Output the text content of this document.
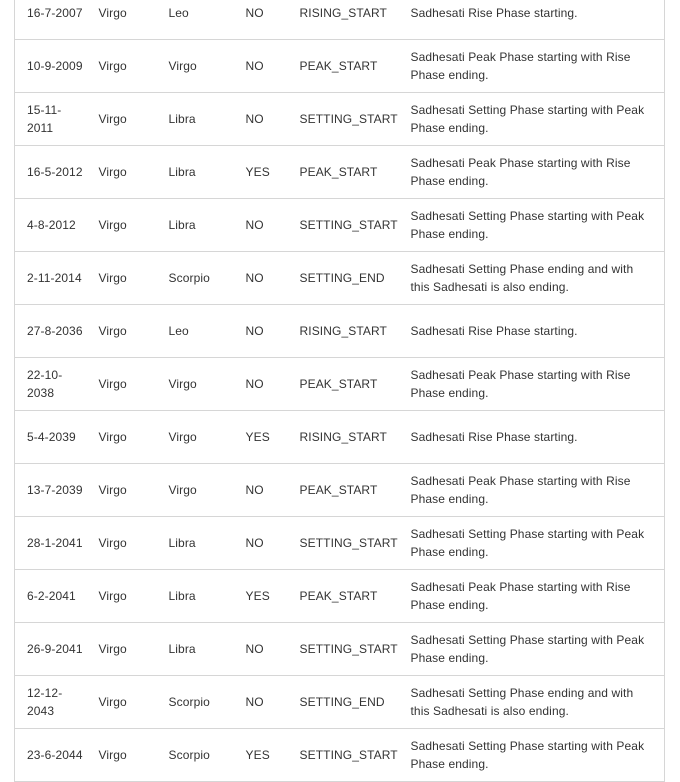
16-7-2007	Virgo	Leo	NO	RISING_START	Sadhesati Rise Phase starting.
10-9-2009	Virgo	Virgo	NO	PEAK_START	Sadhesati Peak Phase starting with Rise Phase ending.
15-11-2011	Virgo	Libra	NO	SETTING_START	Sadhesati Setting Phase starting with Peak Phase ending.
16-5-2012	Virgo	Libra	YES	PEAK_START	Sadhesati Peak Phase starting with Rise Phase ending.
4-8-2012	Virgo	Libra	NO	SETTING_START	Sadhesati Setting Phase starting with Peak Phase ending.
2-11-2014	Virgo	Scorpio	NO	SETTING_END	Sadhesati Setting Phase ending and with this Sadhesati is also ending.
27-8-2036	Virgo	Leo	NO	RISING_START	Sadhesati Rise Phase starting.
22-10-2038	Virgo	Virgo	NO	PEAK_START	Sadhesati Peak Phase starting with Rise Phase ending.
5-4-2039	Virgo	Virgo	YES	RISING_START	Sadhesati Rise Phase starting.
13-7-2039	Virgo	Virgo	NO	PEAK_START	Sadhesati Peak Phase starting with Rise Phase ending.
28-1-2041	Virgo	Libra	NO	SETTING_START	Sadhesati Setting Phase starting with Peak Phase ending.
6-2-2041	Virgo	Libra	YES	PEAK_START	Sadhesati Peak Phase starting with Rise Phase ending.
26-9-2041	Virgo	Libra	NO	SETTING_START	Sadhesati Setting Phase starting with Peak Phase ending.
12-12-2043	Virgo	Scorpio	NO	SETTING_END	Sadhesati Setting Phase ending and with this Sadhesati is also ending.
23-6-2044	Virgo	Scorpio	YES	SETTING_START	Sadhesati Setting Phase starting with Peak Phase ending.
